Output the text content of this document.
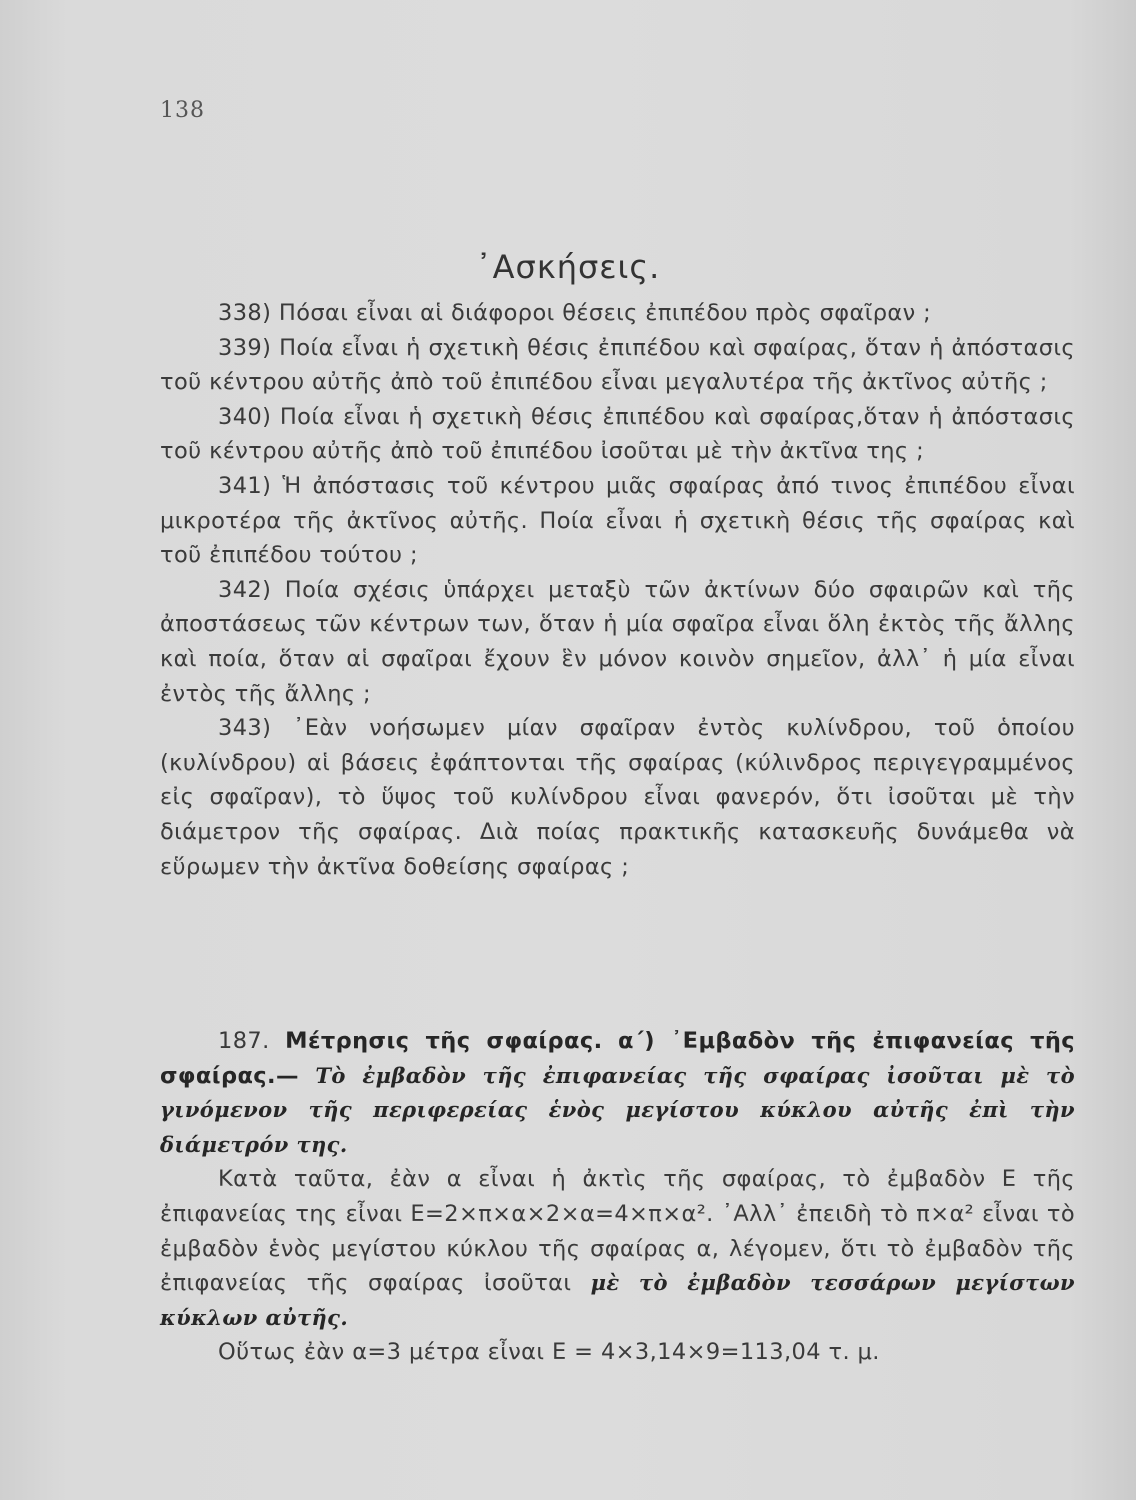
138
᾿Ασκήσεις.

338) Πόσαι εἶναι αἱ διάφοροι θέσεις ἐπιπέδου πρὸς σφαῖραν ;

339) Ποία εἶναι ἡ σχετικὴ θέσις ἐπιπέδου καὶ σφαίρας, ὅταν ἡ ἀπόστασις τοῦ κέντρου αὐτῆς ἀπὸ τοῦ ἐπιπέδου εἶναι μεγαλυτέρα τῆς ἀκτῖνος αὐτῆς ;

340) Ποία εἶναι ἡ σχετικὴ θέσις ἐπιπέδου καὶ σφαίρας,ὅταν ἡ ἀπόστασις τοῦ κέντρου αὐτῆς ἀπὸ τοῦ ἐπιπέδου ἰσοῦται μὲ τὴν ἀκτῖνα της ;

341) Ἡ ἀπόστασις τοῦ κέντρου μιᾶς σφαίρας ἀπό τινος ἐπιπέδου εἶναι μικροτέρα τῆς ἀκτῖνος αὐτῆς. Ποία εἶναι ἡ σχετικὴ θέσις τῆς σφαίρας καὶ τοῦ ἐπιπέδου τούτου ;

342) Ποία σχέσις ὑπάρχει μεταξὺ τῶν ἀκτίνων δύο σφαιρῶν καὶ τῆς ἀποστάσεως τῶν κέντρων των, ὅταν ἡ μία σφαῖρα εἶναι ὅλη ἐκτὸς τῆς ἄλλης καὶ ποία, ὅταν αἱ σφαῖραι ἔχουν ἓν μόνον κοινὸν σημεῖον, ἀλλ᾿ ἡ μία εἶναι ἐντὸς τῆς ἄλλης ;

343) ᾿Εὰν νοήσωμεν μίαν σφαῖραν ἐντὸς κυλίνδρου, τοῦ ὁποίου (κυλίνδρου) αἱ βάσεις ἐφάπτονται τῆς σφαίρας (κύλινδρος περιγεγραμμένος εἰς σφαῖραν), τὸ ὕψος τοῦ κυλίνδρου εἶναι φανερόν, ὅτι ἰσοῦται μὲ τὴν διάμετρον τῆς σφαίρας. Διὰ ποίας πρακτικῆς κατασκευῆς δυνάμεθα νὰ εὕρωμεν τὴν ἀκτῖνα δοθείσης σφαίρας ;

187. Μέτρησις τῆς σφαίρας. α΄) ᾿Εμβαδὸν τῆς ἐπιφανείας τῆς σφαίρας.— Τὸ ἐμβαδὸν τῆς ἐπιφανείας τῆς σφαίρας ἰσοῦται μὲ τὸ γινόμενον τῆς περιφερείας ἑνὸς μεγίστου κύκλου αὐτῆς ἐπὶ τὴν διάμετρόν της.

Κατὰ ταῦτα, ἐὰν α εἶναι ἡ ἀκτὶς τῆς σφαίρας, τὸ ἐμβαδὸν Ε τῆς ἐπιφανείας της εἶναι Ε=2×π×α×2×α=4×π×α². ᾿Αλλ᾿ ἐπειδὴ τὸ π×α² εἶναι τὸ ἐμβαδὸν ἑνὸς μεγίστου κύκλου τῆς σφαίρας α, λέγομεν, ὅτι τὸ ἐμβαδὸν τῆς ἐπιφανείας τῆς σφαίρας ἰσοῦται μὲ τὸ ἐμβαδὸν τεσσάρων μεγίστων κύκλων αὐτῆς.

Οὕτως ἐὰν α=3 μέτρα εἶναι Ε = 4×3,14×9=113,04 τ. μ.
